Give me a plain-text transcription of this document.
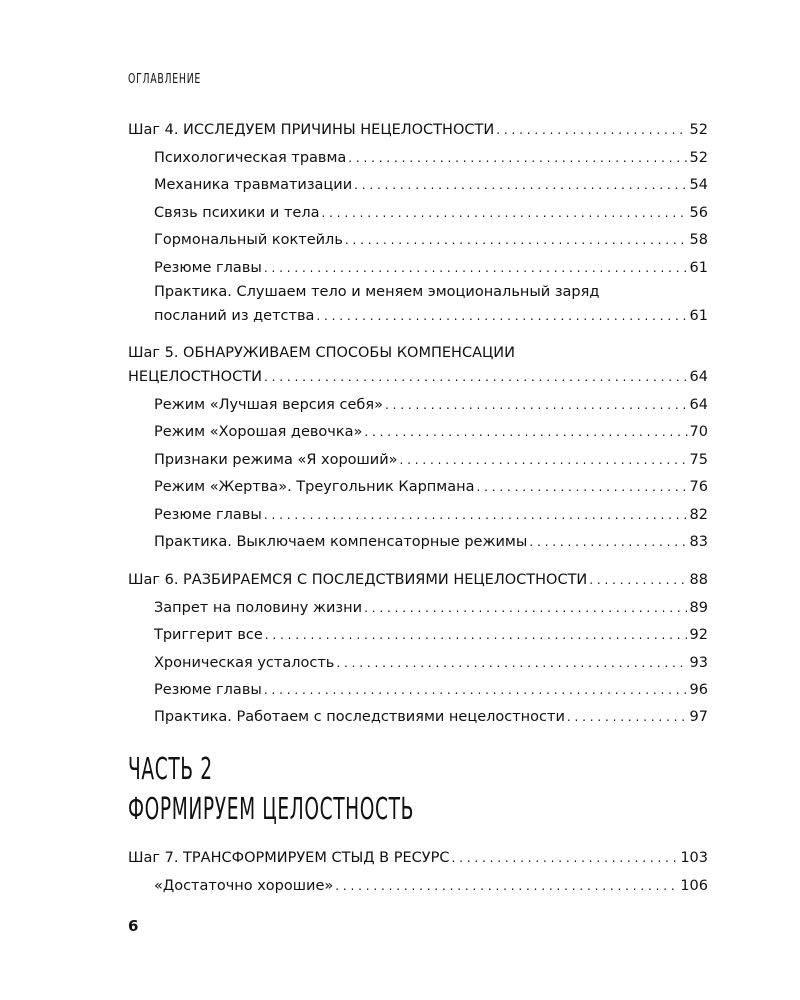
ОГЛАВЛЕНИЕ
Шаг 4. ИССЛЕДУЕМ ПРИЧИНЫ НЕЦЕЛОСТНОСТИ . . .	52
Психологическая травма . . .	52
Механика травматизации . . .	54
Связь психики и тела . . .	56
Гормональный коктейль . . .	58
Резюме главы . . .	61
Практика. Слушаем тело и меняем эмоциональный заряд
посланий из детства . . .	61
Шаг 5. ОБНАРУЖИВАЕМ СПОСОБЫ КОМПЕНСАЦИИ
НЕЦЕЛОСТНОСТИ . . .	64
Режим «Лучшая версия себя» . . .	64
Режим «Хорошая девочка» . . .	70
Признаки режима «Я хороший» . . .	75
Режим «Жертва». Треугольник Карпмана . . .	76
Резюме главы . . .	82
Практика. Выключаем компенсаторные режимы . . .	83
Шаг 6. РАЗБИРАЕМСЯ С ПОСЛЕДСТВИЯМИ НЕЦЕЛОСТНОСТИ . . .	88
Запрет на половину жизни . . .	89
Триггерит все . . .	92
Хроническая усталость . . .	93
Резюме главы . . .	96
Практика. Работаем с последствиями нецелостности . . .	97
Шаг 7. ТРАНСФОРМИРУЕМ СТЫД В РЕСУРС . . .	103
«Достаточно хорошие» . . .	106
ЧАСТЬ 2
ФОРМИРУЕМ ЦЕЛОСТНОСТЬ
6
